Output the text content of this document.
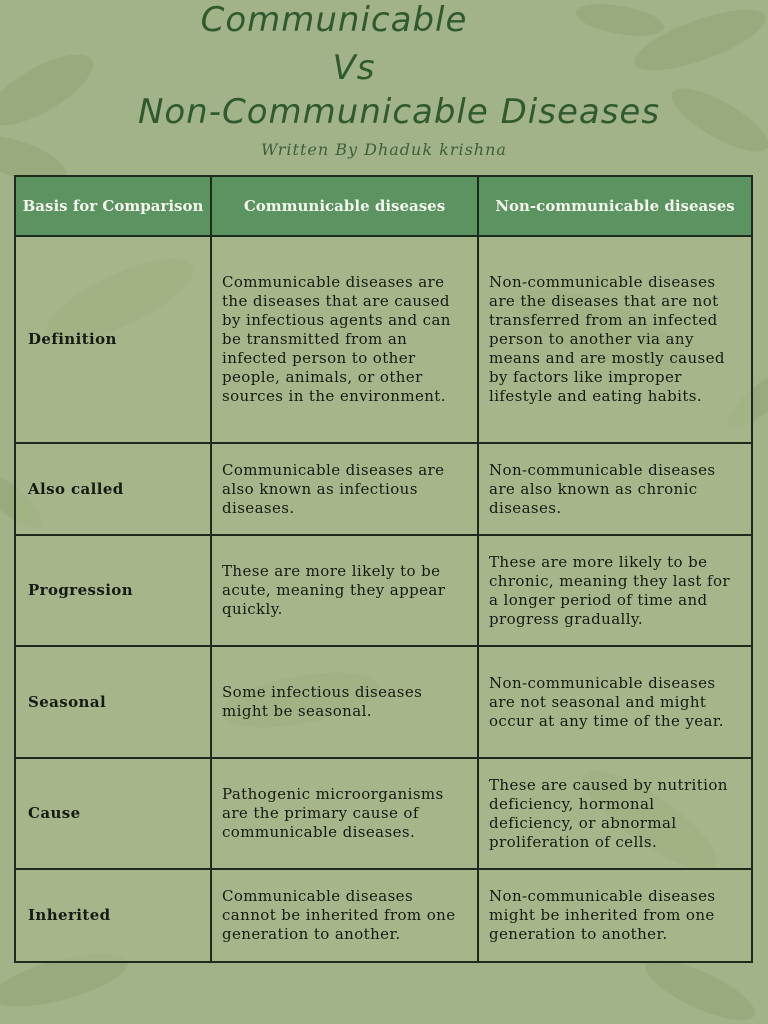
Communicable
Vs
Non-Communicable Diseases
Written By Dhaduk krishna
Basis for Comparison	Communicable diseases	Non-communicable diseases
Definition	Communicable diseases are the diseases that are caused by infectious agents and can be transmitted from an infected person to other people, animals, or other sources in the environment.	Non-communicable diseases are the diseases that are not transferred from an infected person to another via any means and are mostly caused by factors like improper lifestyle and eating habits.
Also called	Communicable diseases are also known as infectious diseases.	Non-communicable diseases are also known as chronic diseases.
Progression	These are more likely to be acute, meaning they appear quickly.	These are more likely to be chronic, meaning they last for a longer period of time and progress gradually.
Seasonal	Some infectious diseases might be seasonal.	Non-communicable diseases are not seasonal and might occur at any time of the year.
Cause	Pathogenic microorganisms are the primary cause of communicable diseases.	These are caused by nutrition deficiency, hormonal deficiency, or abnormal proliferation of cells.
Inherited	Communicable diseases cannot be inherited from one generation to another.	Non-communicable diseases might be inherited from one generation to another.
